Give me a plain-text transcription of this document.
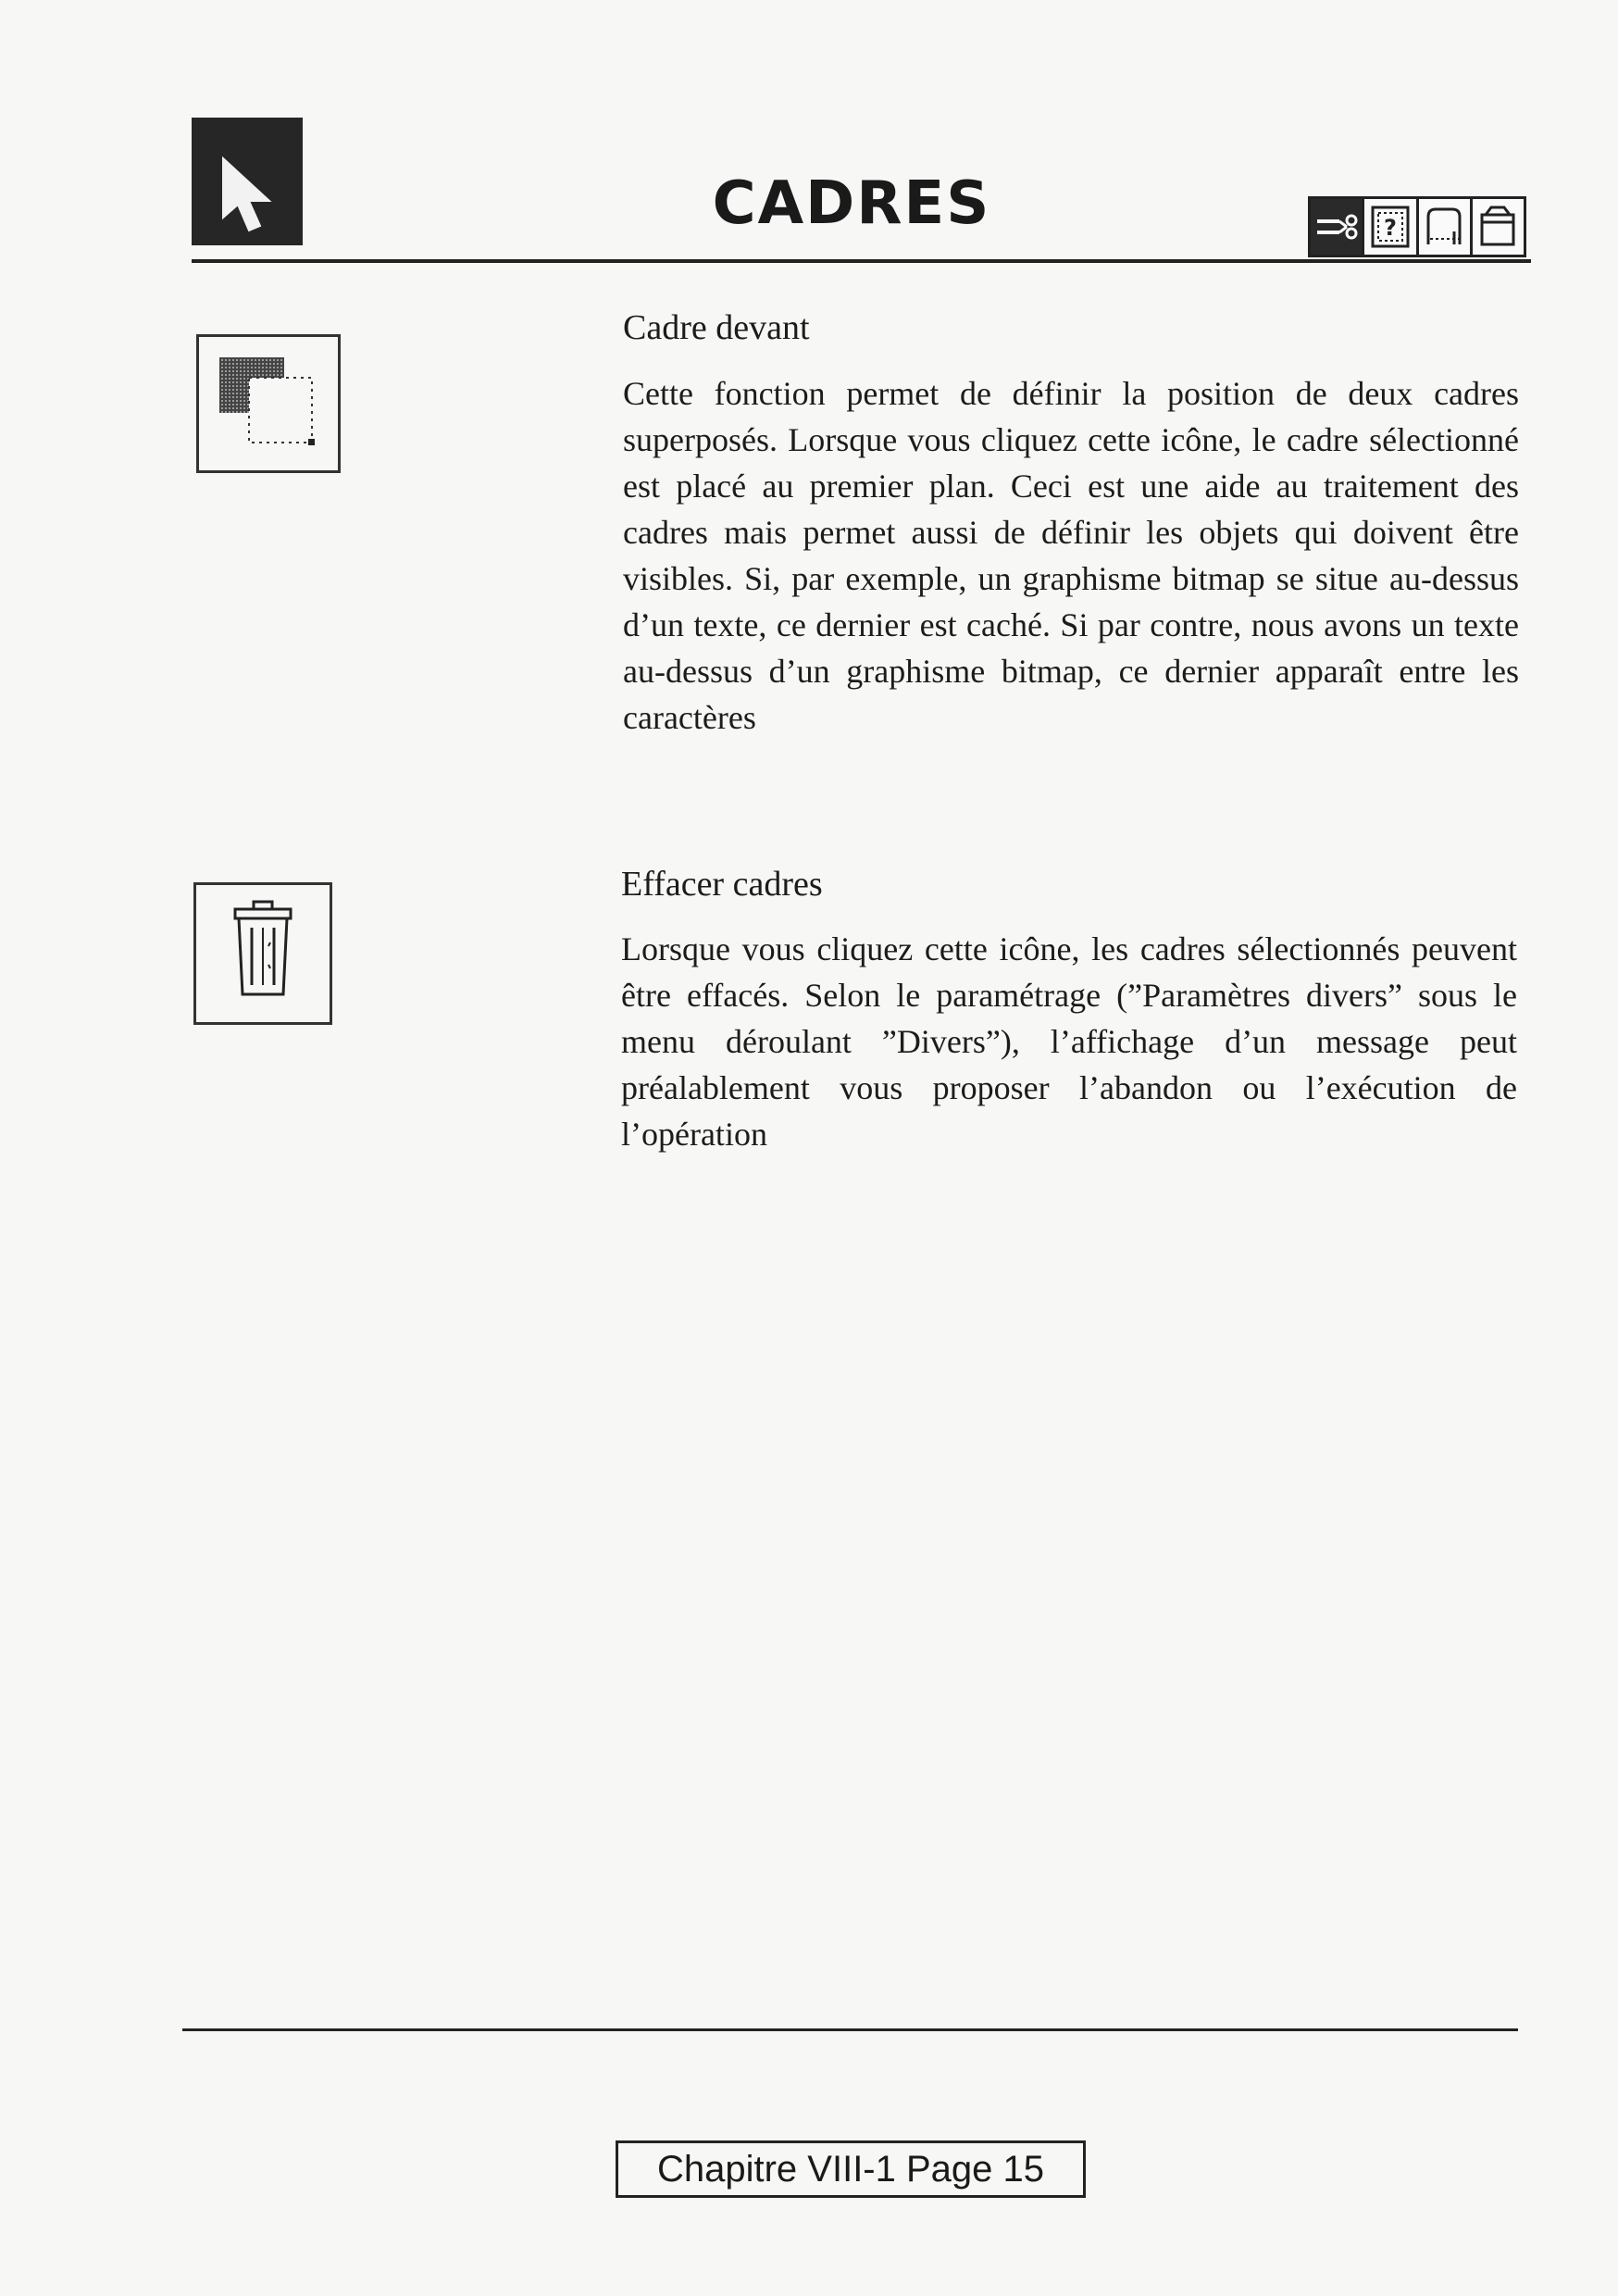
CADRES	?
Cadre devant
Cette fonction permet de définir la position de deux cadres superposés. Lorsque vous cliquez cette icône, le cadre sélectionné est placé au premier plan. Ceci est une aide au traitement des cadres mais permet aussi de définir les objets qui doivent être visibles. Si, par exemple, un graphisme bitmap se situe au-dessus d’un texte, ce dernier est caché. Si par contre, nous avons un texte au-dessus d’un graphisme bitmap, ce dernier apparaît entre les caractères
Effacer cadres
Lorsque vous cliquez cette icône, les cadres sélectionnés peuvent être effacés. Selon le paramétrage (”Paramètres divers” sous le menu déroulant ”Divers”), l’affichage d’un message peut préalablement vous proposer l’abandon ou l’exécution de l’opération
Chapitre VIII-1 Page 15
